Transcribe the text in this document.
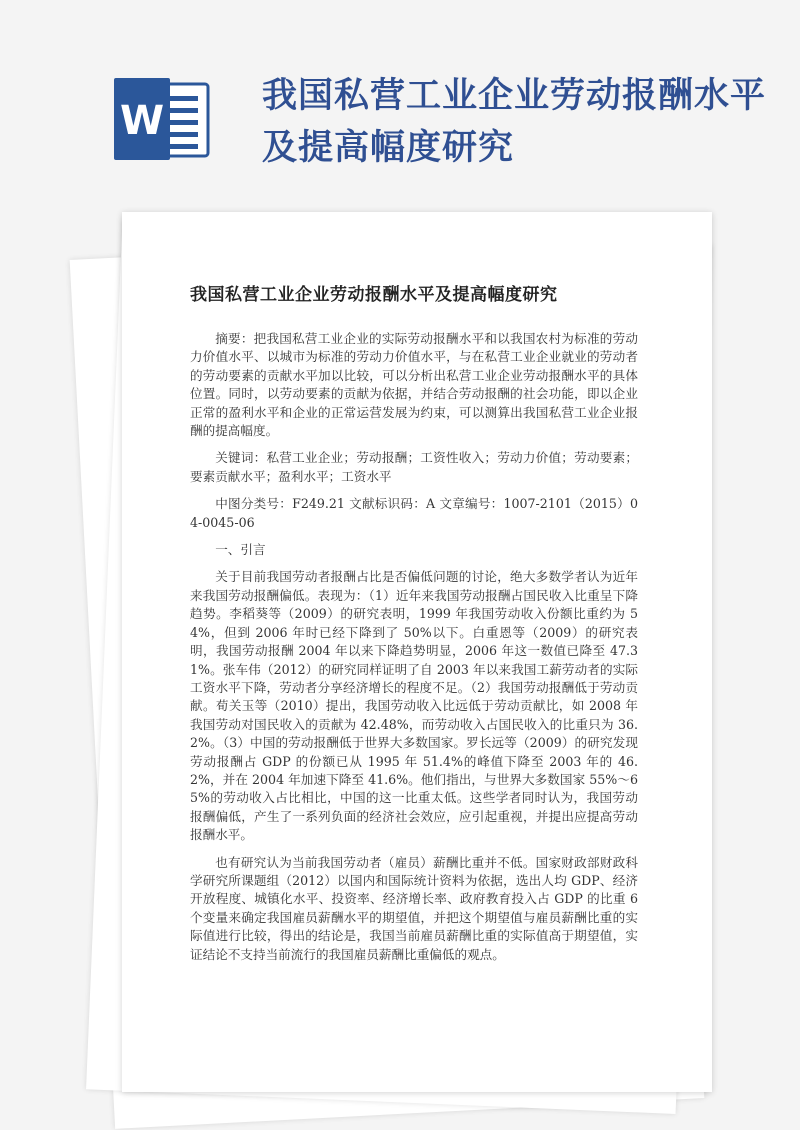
W
我国私营工业企业劳动报酬水平及提高幅度研究
我国私营工业企业劳动报酬水平及提高幅度研究

摘要：把我国私营工业企业的实际劳动报酬水平和以我国农村为标准的劳动力价值水平、以城市为标准的劳动力价值水平，与在私营工业企业就业的劳动者的劳动要素的贡献水平加以比较，可以分析出私营工业企业劳动报酬水平的具体位置。同时，以劳动要素的贡献为依据，并结合劳动报酬的社会功能，即以企业正常的盈利水平和企业的正常运营发展为约束，可以测算出我国私营工业企业报酬的提高幅度。

关键词：私营工业企业；劳动报酬；工资性收入；劳动力价值；劳动要素；要素贡献水平；盈利水平；工资水平

中图分类号：F249.21 文献标识码：A 文章编号：1007-2101（2015）04-0045-06

一、引言

关于目前我国劳动者报酬占比是否偏低问题的讨论，绝大多数学者认为近年来我国劳动报酬偏低。表现为：（1）近年来我国劳动报酬占国民收入比重呈下降趋势。李稻葵等（2009）的研究表明，1999 年我国劳动收入份额比重约为 54%，但到 2006 年时已经下降到了 50%以下。白重恩等（2009）的研究表明，我国劳动报酬 2004 年以来下降趋势明显，2006 年这一数值已降至 47.31%。张车伟（2012）的研究同样证明了自 2003 年以来我国工薪劳动者的实际工资水平下降，劳动者分享经济增长的程度不足。（2）我国劳动报酬低于劳动贡献。荀关玉等（2010）提出，我国劳动收入比远低于劳动贡献比，如 2008 年我国劳动对国民收入的贡献为 42.48%，而劳动收入占国民收入的比重只为 36.2%。（3）中国的劳动报酬低于世界大多数国家。罗长远等（2009）的研究发现劳动报酬占 GDP 的份额已从 1995 年 51.4%的峰值下降至 2003 年的 46.2%，并在 2004 年加速下降至 41.6%。他们指出，与世界大多数国家 55%～65%的劳动收入占比相比，中国的这一比重太低。这些学者同时认为，我国劳动报酬偏低，产生了一系列负面的经济社会效应，应引起重视，并提出应提高劳动报酬水平。

也有研究认为当前我国劳动者（雇员）薪酬比重并不低。国家财政部财政科学研究所课题组（2012）以国内和国际统计资料为依据，选出人均 GDP、经济开放程度、城镇化水平、投资率、经济增长率、政府教育投入占 GDP 的比重 6 个变量来确定我国雇员薪酬水平的期望值，并把这个期望值与雇员薪酬比重的实际值进行比较，得出的结论是，我国当前雇员薪酬比重的实际值高于期望值，实证结论不支持当前流行的我国雇员薪酬比重偏低的观点。
